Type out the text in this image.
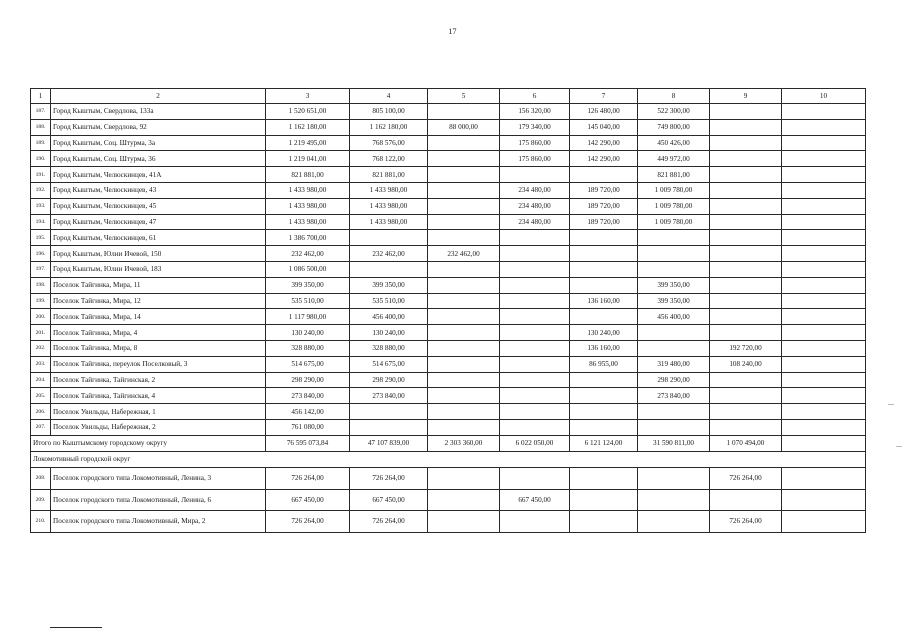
17
1	2	3	4	5	6	7	8	9	10
187.	Город Кыштым, Свердлова, 133а	1 520 651,00	805 100,00		156 320,00	126 480,00	522 300,00		
188.	Город Кыштым, Свердлова, 92	1 162 180,00	1 162 180,00	88 000,00	179 340,00	145 040,00	749 800,00		
189.	Город Кыштым, Соц. Штурма, 3а	1 219 495,00	768 576,00		175 860,00	142 290,00	450 426,00		
190.	Город Кыштым, Соц. Штурма, 36	1 219 041,00	768 122,00		175 860,00	142 290,00	449 972,00		
191.	Город Кыштым, Челюскинцев, 41А	821 881,00	821 881,00				821 881,00		
192.	Город Кыштым, Челюскинцев, 43	1 433 980,00	1 433 980,00		234 480,00	189 720,00	1 009 780,00		
193.	Город Кыштым, Челюскинцев, 45	1 433 980,00	1 433 980,00		234 480,00	189 720,00	1 009 780,00		
194.	Город Кыштым, Челюскинцев, 47	1 433 980,00	1 433 980,00		234 480,00	189 720,00	1 009 780,00		
195.	Город Кыштым, Челюскинцев, 61	1 386 700,00							
196.	Город Кыштым, Юлии Ичевой, 150	232 462,00	232 462,00	232 462,00					
197.	Город Кыштым, Юлии Ичевой, 183	1 086 500,00							
198.	Поселок Тайгинка, Мира, 11	399 350,00	399 350,00				399 350,00		
199.	Поселок Тайгинка, Мира, 12	535 510,00	535 510,00			136 160,00	399 350,00		
200.	Поселок Тайгинка, Мира, 14	1 117 980,00	456 400,00				456 400,00		
201.	Поселок Тайгинка, Мира, 4	130 240,00	130 240,00			130 240,00			
202.	Поселок Тайгинка, Мира, 8	328 880,00	328 880,00			136 160,00		192 720,00	
203.	Поселок Тайгинка, переулок Поселковый, 3	514 675,00	514 675,00			86 955,00	319 480,00	108 240,00	
204.	Поселок Тайгинка, Тайгинская, 2	298 290,00	298 290,00				298 290,00		
205.	Поселок Тайгинка, Тайгинская, 4	273 840,00	273 840,00				273 840,00		
206.	Поселок Увильды, Набережная, 1	456 142,00							
207.	Поселок Увильды, Набережная, 2	761 080,00							
Итого по Кыштымскому городскому округу		76 595 073,84	47 107 839,00	2 303 360,00	6 022 050,00	6 121 124,00	31 590 811,00	1 070 494,00	
Локомотивный городской округ									
208.	Поселок городского типа Локомотивный, Ленина, 3	726 264,00	726 264,00					726 264,00	
209.	Поселок городского типа Локомотивный, Ленина, 6	667 450,00	667 450,00		667 450,00				
210.	Поселок городского типа Локомотивный, Мира, 2	726 264,00	726 264,00					726 264,00	
